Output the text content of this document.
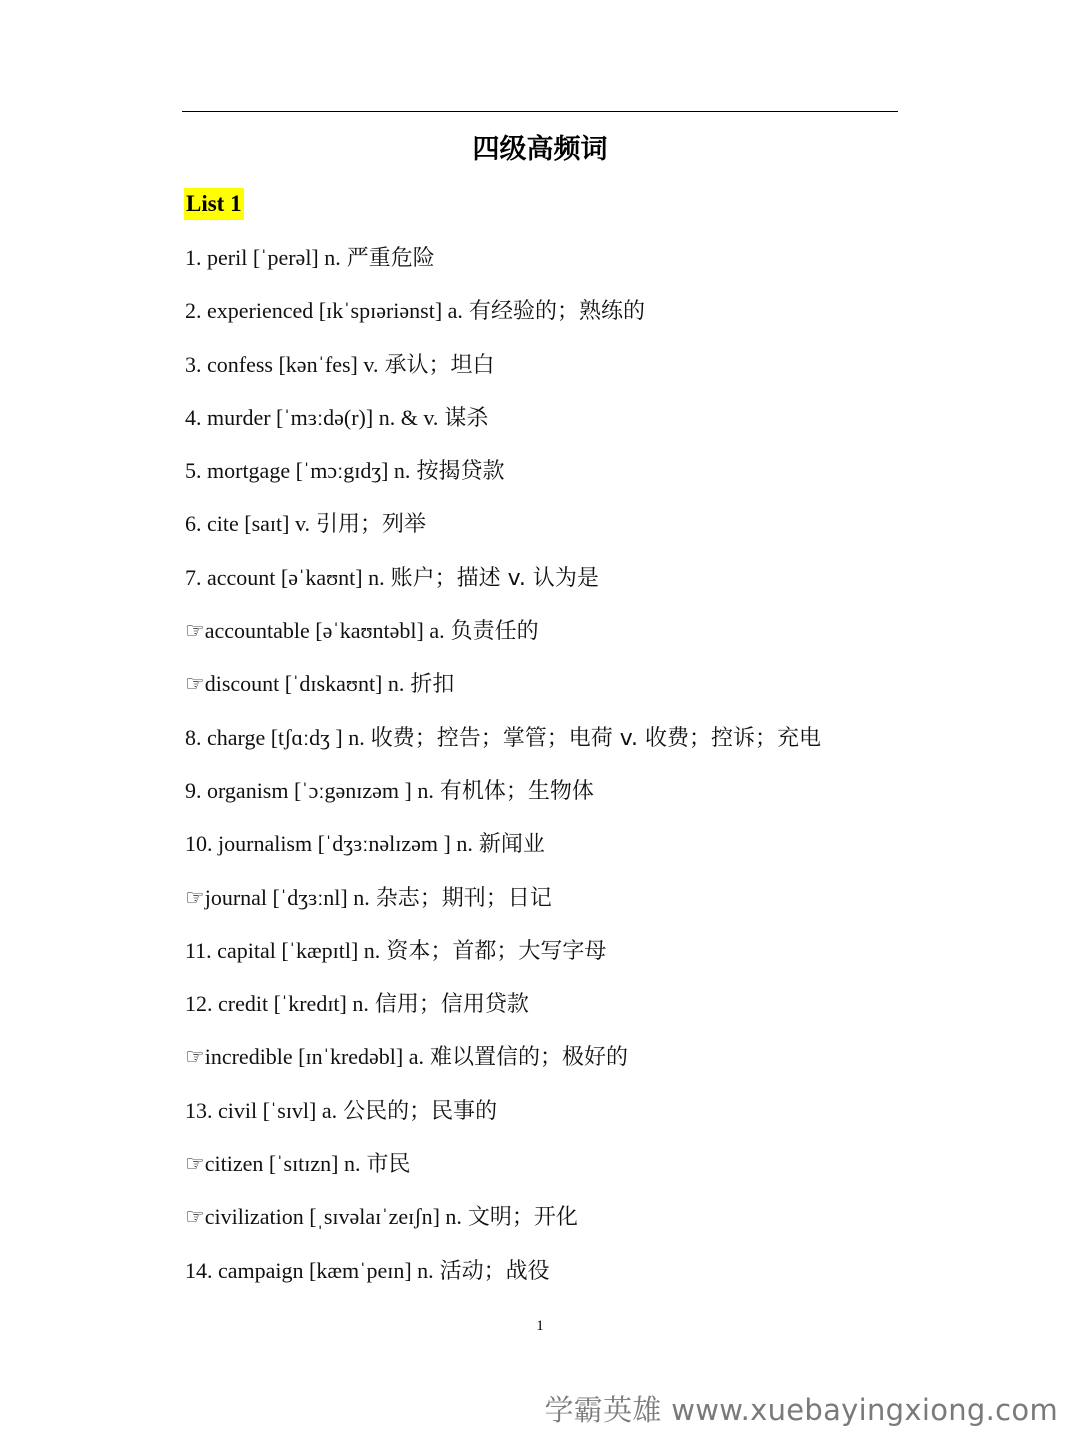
四级高频词
List 1
1. peril [ˈperəl] n. 严重危险
2. experienced [ɪkˈspɪəriənst] a. 有经验的；熟练的
3. confess [kənˈfes] v. 承认；坦白
4. murder [ˈmɜːdə(r)] n. & v. 谋杀
5. mortgage [ˈmɔːgɪdʒ] n. 按揭贷款
6. cite [saɪt] v. 引用；列举
7. account [əˈkaʊnt] n. 账户；描述 v. 认为是
☞accountable [əˈkaʊntəbl] a. 负责任的
☞discount [ˈdɪskaʊnt] n. 折扣
8. charge [tʃɑːdʒ ] n. 收费；控告；掌管；电荷 v. 收费；控诉；充电
9. organism [ˈɔːgənɪzəm ] n. 有机体；生物体
10. journalism [ˈdʒɜːnəlɪzəm ] n. 新闻业
☞journal [ˈdʒɜːnl] n. 杂志；期刊；日记
11. capital [ˈkæpɪtl] n. 资本；首都；大写字母
12. credit [ˈkredɪt] n. 信用；信用贷款
☞incredible [ɪnˈkredəbl] a. 难以置信的；极好的
13. civil [ˈsɪvl] a. 公民的；民事的
☞citizen [ˈsɪtɪzn] n. 市民
☞civilization [ˌsɪvəlaɪˈzeɪʃn] n. 文明；开化
14. campaign [kæmˈpeɪn] n. 活动；战役
1
学霸英雄 www.xuebayingxiong.com
